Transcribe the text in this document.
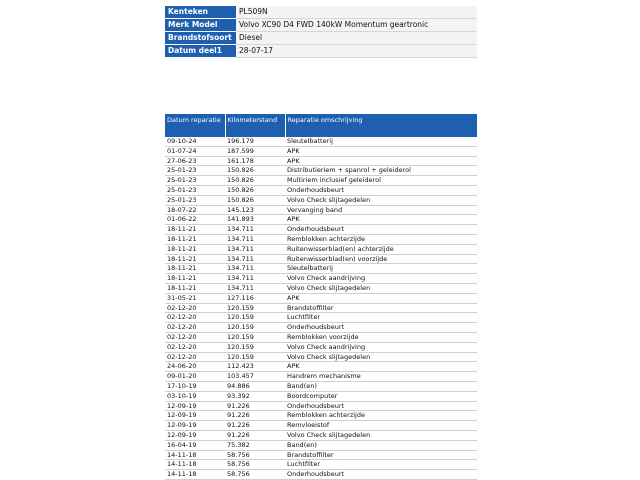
Kenteken	PL509N
Merk Model	Volvo XC90 D4 FWD 140kW Momentum geartronic
Brandstofsoort	Diesel
Datum deel1	28-07-17
Datum reparatie	Kilometerstand	Reparatie omschrijving
09-10-24	196.179	Sleutelbatterij
01-07-24	187.599	APK
27-06-23	161.178	APK
25-01-23	150.826	Distributieriem + spanrol + geleiderol
25-01-23	150.826	Multiriem inclusief geleiderol
25-01-23	150.826	Onderhoudsbeurt
25-01-23	150.826	Volvo Check slijtagedelen
18-07-22	145.123	Vervanging band
01-06-22	141.893	APK
18-11-21	134.711	Onderhoudsbeurt
18-11-21	134.711	Remblokken achterzijde
18-11-21	134.711	Ruitenwisserblad(en) achterzijde
18-11-21	134.711	Ruitenwisserblad(en) voorzijde
18-11-21	134.711	Sleutelbatterij
18-11-21	134.711	Volvo Check aandrijving
18-11-21	134.711	Volvo Check slijtagedelen
31-05-21	127.116	APK
02-12-20	120.159	Brandstoffilter
02-12-20	120.159	Luchtfilter
02-12-20	120.159	Onderhoudsbeurt
02-12-20	120.159	Remblokken voorzijde
02-12-20	120.159	Volvo Check aandrijving
02-12-20	120.159	Volvo Check slijtagedelen
24-06-20	112.423	APK
09-01-20	103.457	Handrem mechanisme
17-10-19	94.886	Band(en)
03-10-19	93.392	Boordcomputer
12-09-19	91.226	Onderhoudsbeurt
12-09-19	91.226	Remblokken achterzijde
12-09-19	91.226	Remvloeistof
12-09-19	91.226	Volvo Check slijtagedelen
16-04-19	75.382	Band(en)
14-11-18	58.756	Brandstoffilter
14-11-18	58.756	Luchtfilter
14-11-18	58.756	Onderhoudsbeurt
